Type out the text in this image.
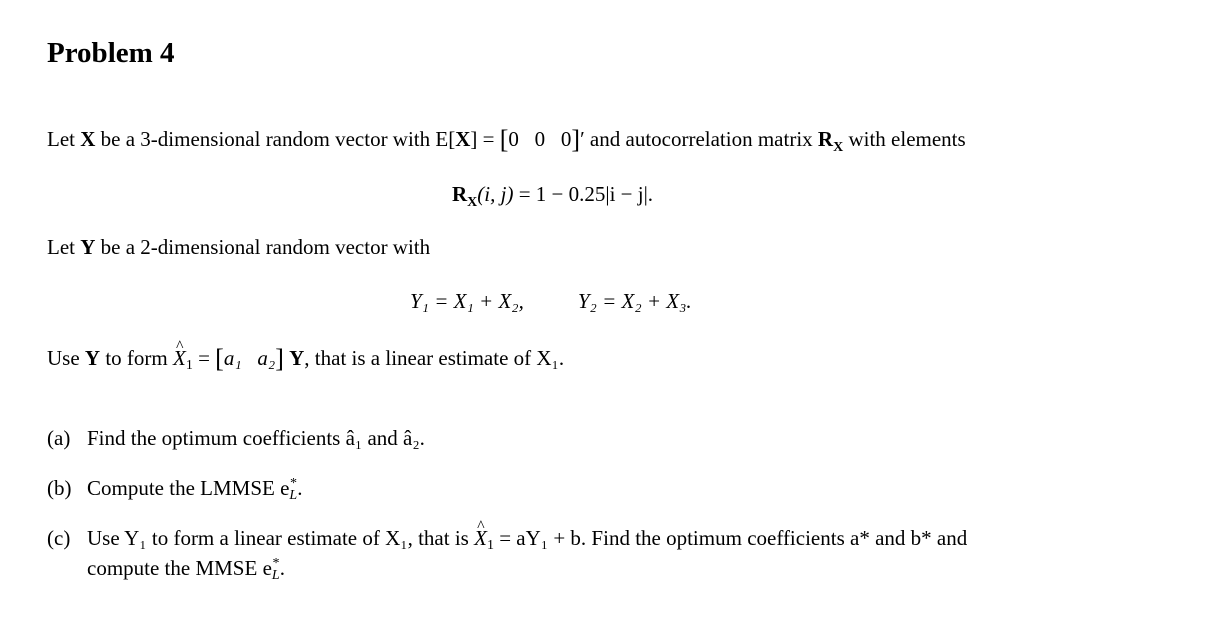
Problem 4
Let X be a 3-dimensional random vector with E[X] = [0   0   0]′ and autocorrelation matrix $R_X$ with elements
$R_X(i$, j) = 1 − 0.25|i − j|.
Let Y be a 2-dimensional random vector with
Y₁ = X₁ + X₂,	Y₂ = X₂ + X₃.
Use Y to form ^ $X_1 = [a_1$   a₂] Y, that is a linear estimate of X₁.
(a) Find the optimum coefficients â₁ and â₂.
(b) Compute the LMMSE $e^*_L$.
(c) Use Y₁ to form a linear estimate of X₁, that is ^ $X_1 = aY_1 + b$. Find the optimum coefficients a* and b* and
compute the MMSE $e^*_L$.
